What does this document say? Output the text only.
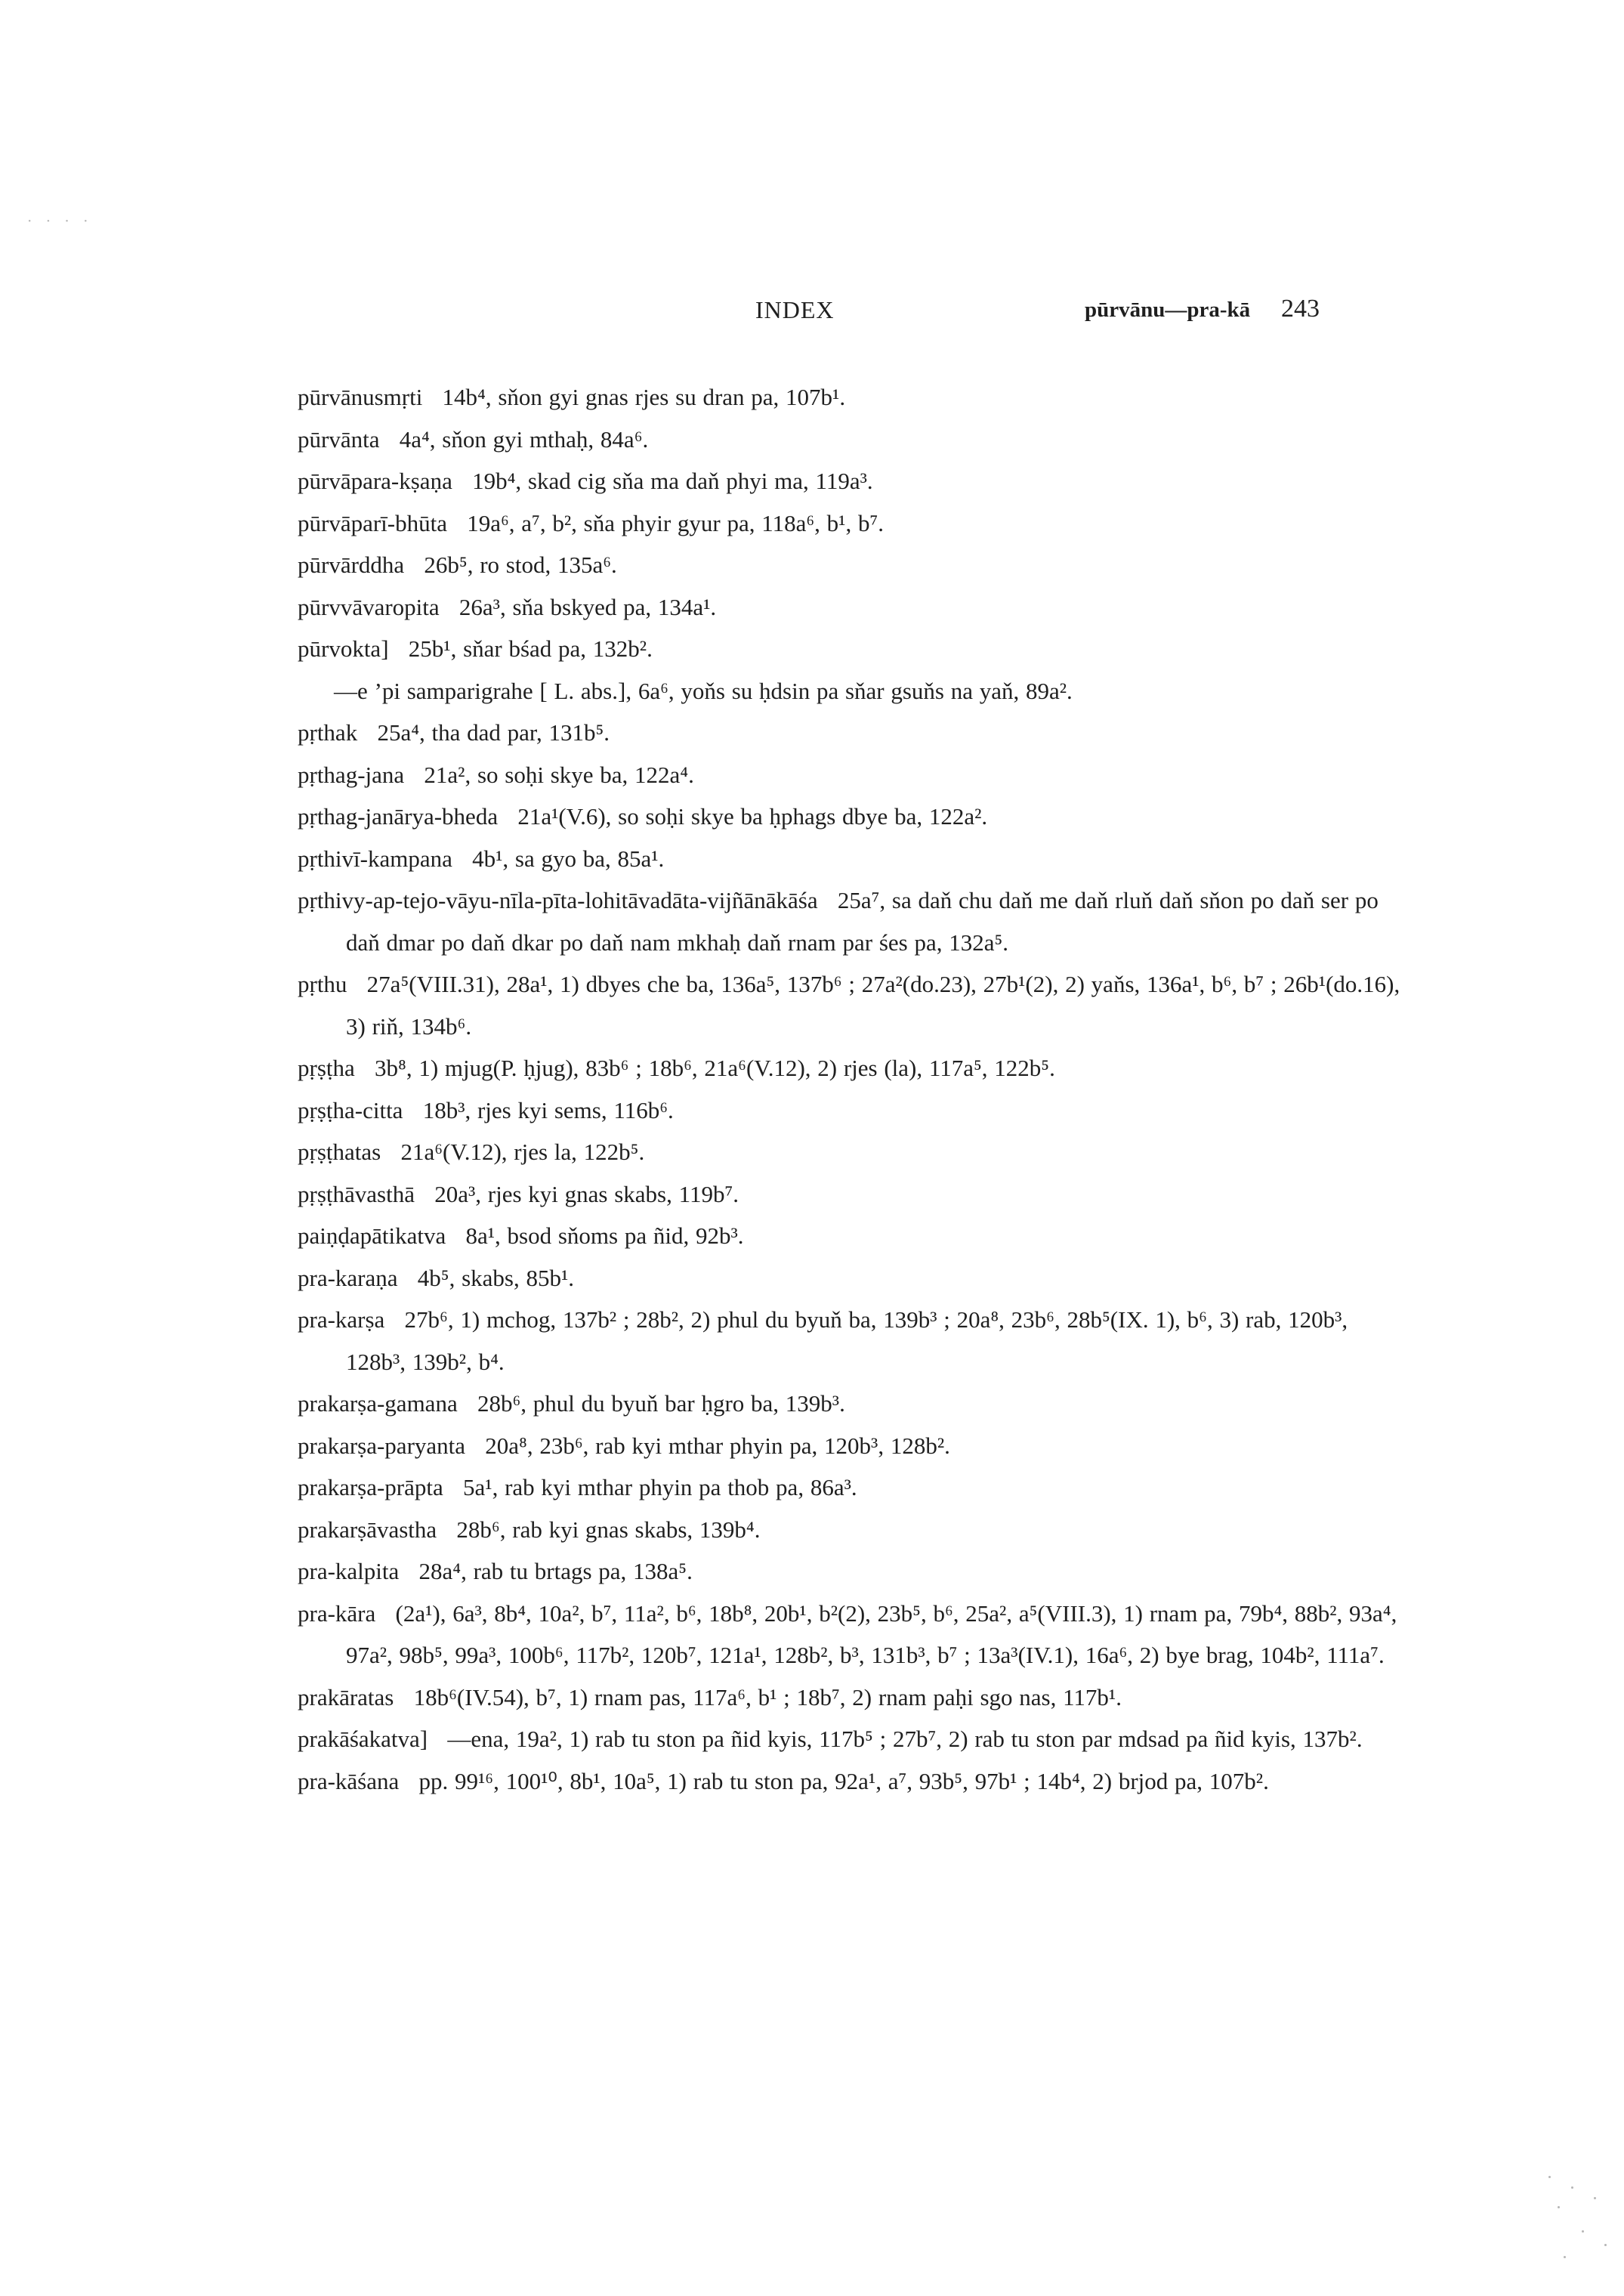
· · · ·
INDEX	pūrvānu—pra-kā 243
pūrvānusmṛti   14b⁴, sňon gyi gnas rjes su dran pa, 107b¹.
pūrvānta   4a⁴, sňon gyi mthaḥ, 84a⁶.
pūrvāpara-kṣaṇa   19b⁴, skad cig sňa ma daň phyi ma, 119a³.
pūrvāparī-bhūta   19a⁶, a⁷, b², sňa phyir gyur pa, 118a⁶, b¹, b⁷.
pūrvārddha   26b⁵, ro stod, 135a⁶.
pūrvvāvaropita   26a³, sňa bskyed pa, 134a¹.
pūrvokta]   25b¹, sňar bśad pa, 132b².
—e ’pi samparigrahe [ L. abs.], 6a⁶, yoňs su ḥdsin pa sňar gsuňs na yaň, 89a².
pṛthak   25a⁴, tha dad par, 131b⁵.
pṛthag-jana   21a², so soḥi skye ba, 122a⁴.
pṛthag-janārya-bheda   21a¹(V.6), so soḥi skye ba ḥphags dbye ba, 122a².
pṛthivī-kampana   4b¹, sa gyo ba, 85a¹.
pṛthivy-ap-tejo-vāyu-nīla-pīta-lohitāvadāta-vijñānākāśa   25a⁷, sa daň chu daň me daň rluň daň sňon po daň ser po daň dmar po daň dkar po daň nam mkhaḥ daň rnam par śes pa, 132a⁵.
pṛthu   27a⁵(VIII.31), 28a¹, 1) dbyes che ba, 136a⁵, 137b⁶ ; 27a²(do.23), 27b¹(2), 2) yaňs, 136a¹, b⁶, b⁷ ; 26b¹(do.16), 3) riň, 134b⁶.
pṛṣṭha   3b⁸, 1) mjug(P. ḥjug), 83b⁶ ; 18b⁶, 21a⁶(V.12), 2) rjes (la), 117a⁵, 122b⁵.
pṛṣṭha-citta   18b³, rjes kyi sems, 116b⁶.
pṛṣṭhatas   21a⁶(V.12), rjes la, 122b⁵.
pṛṣṭhāvasthā   20a³, rjes kyi gnas skabs, 119b⁷.
paiṇḍapātikatva   8a¹, bsod sňoms pa ñid, 92b³.
pra-karaṇa   4b⁵, skabs, 85b¹.
pra-karṣa   27b⁶, 1) mchog, 137b² ; 28b², 2) phul du byuň ba, 139b³ ; 20a⁸, 23b⁶, 28b⁵(IX. 1), b⁶, 3) rab, 120b³, 128b³, 139b², b⁴.
prakarṣa-gamana   28b⁶, phul du byuň bar ḥgro ba, 139b³.
prakarṣa-paryanta   20a⁸, 23b⁶, rab kyi mthar phyin pa, 120b³, 128b².
prakarṣa-prāpta   5a¹, rab kyi mthar phyin pa thob pa, 86a³.
prakarṣāvastha   28b⁶, rab kyi gnas skabs, 139b⁴.
pra-kalpita   28a⁴, rab tu brtags pa, 138a⁵.
pra-kāra   (2a¹), 6a³, 8b⁴, 10a², b⁷, 11a², b⁶, 18b⁸, 20b¹, b²(2), 23b⁵, b⁶, 25a², a⁵(VIII.3), 1) rnam pa, 79b⁴, 88b², 93a⁴, 97a², 98b⁵, 99a³, 100b⁶, 117b², 120b⁷, 121a¹, 128b², b³, 131b³, b⁷ ; 13a³(IV.1), 16a⁶, 2) bye brag, 104b², 111a⁷.
prakāratas   18b⁶(IV.54), b⁷, 1) rnam pas, 117a⁶, b¹ ; 18b⁷, 2) rnam paḥi sgo nas, 117b¹.
prakāśakatva]   —ena, 19a², 1) rab tu ston pa ñid kyis, 117b⁵ ; 27b⁷, 2) rab tu ston par mdsad pa ñid kyis, 137b².
pra-kāśana   pp. 99¹⁶, 100¹⁰, 8b¹, 10a⁵, 1) rab tu ston pa, 92a¹, a⁷, 93b⁵, 97b¹ ; 14b⁴, 2) brjod pa, 107b².
